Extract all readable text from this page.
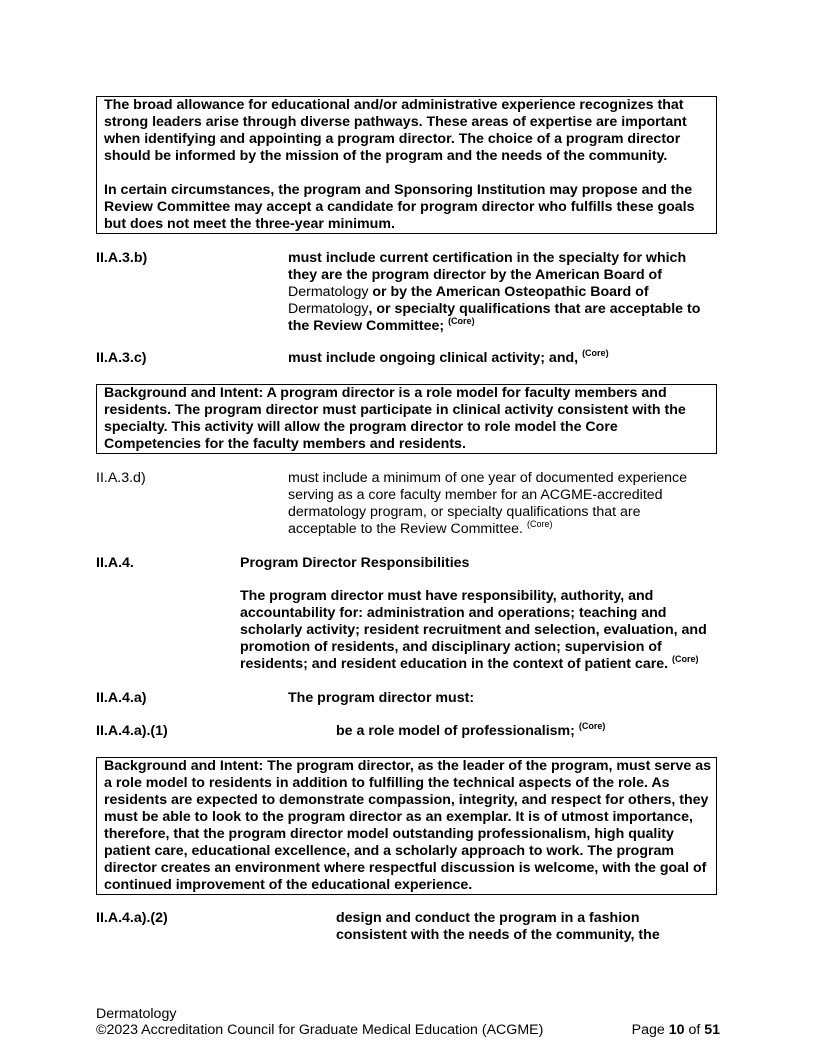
The broad allowance for educational and/or administrative experience recognizes that strong leaders arise through diverse pathways. These areas of expertise are important when identifying and appointing a program director. The choice of a program director should be informed by the mission of the program and the needs of the community.

In certain circumstances, the program and Sponsoring Institution may propose and the Review Committee may accept a candidate for program director who fulfills these goals but does not meet the three-year minimum.

II.A.3.b)	must include current certification in the specialty for which they are the program director by the American Board of Dermatology or by the American Osteopathic Board of Dermatology, or specialty qualifications that are acceptable to the Review Committee; $^{(Core)}$
II.A.3.c)	must include ongoing clinical activity; and, $^{(Core)}$

Background and Intent: A program director is a role model for faculty members and residents. The program director must participate in clinical activity consistent with the specialty. This activity will allow the program director to role model the Core Competencies for the faculty members and residents.

II.A.3.d)	must include a minimum of one year of documented experience serving as a core faculty member for an ACGME-accredited dermatology program, or specialty qualifications that are acceptable to the Review Committee. $^{(Core)}$
II.A.4.	Program Director Responsibilities
The program director must have responsibility, authority, and accountability for: administration and operations; teaching and scholarly activity; resident recruitment and selection, evaluation, and promotion of residents, and disciplinary action; supervision of residents; and resident education in the context of patient care. $^{(Core)}$
II.A.4.a)	The program director must:
II.A.4.a).(1)	be a role model of professionalism; $^{(Core)}$

Background and Intent: The program director, as the leader of the program, must serve as a role model to residents in addition to fulfilling the technical aspects of the role. As residents are expected to demonstrate compassion, integrity, and respect for others, they must be able to look to the program director as an exemplar. It is of utmost importance, therefore, that the program director model outstanding professionalism, high quality patient care, educational excellence, and a scholarly approach to work. The program director creates an environment where respectful discussion is welcome, with the goal of continued improvement of the educational experience.

II.A.4.a).(2)	design and conduct the program in a fashion consistent with the needs of the community, the
Dermatology
©2023 Accreditation Council for Graduate Medical Education (ACGME)	Page 10 of 51
